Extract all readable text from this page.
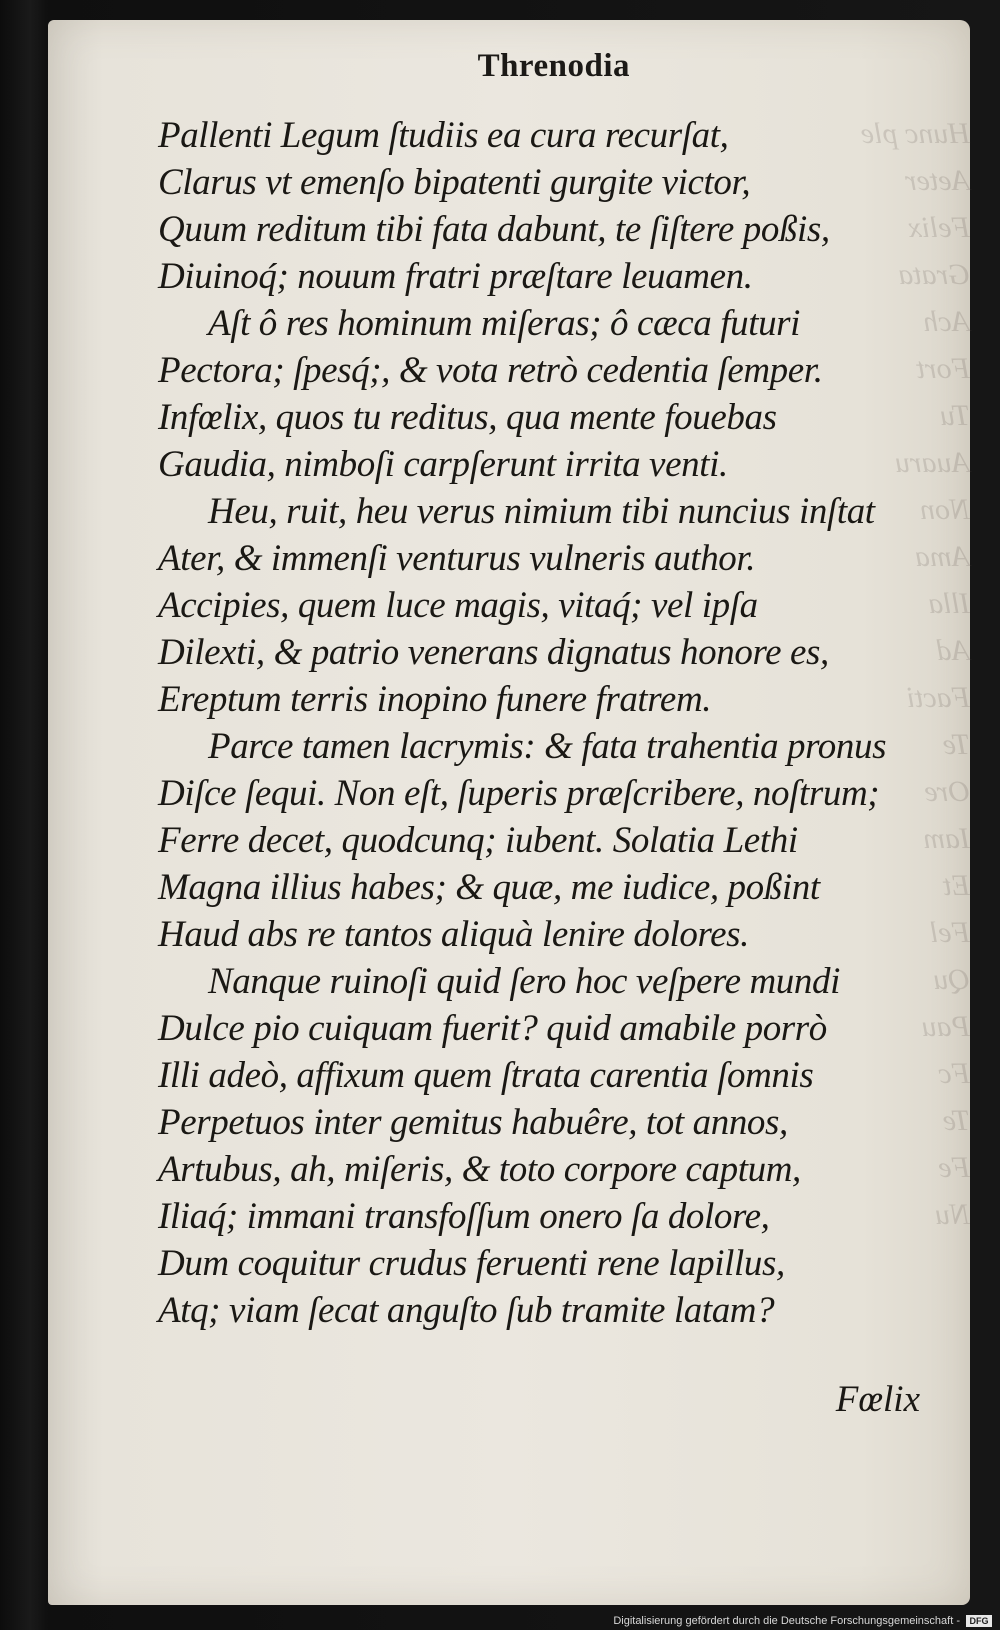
Hunc ple
Aeter
Felix
Grata
Ach
Fort
Tu
Auaru
Non
Ama
Illa
Ad
Facti
Te
Ore
Iam
Et
Fel
Qu
Pau
Fc
Te
Fe
Nu
Threnodia
Pallenti Legum ſtudiis ea cura recurſat,
Clarus vt emenſo bipatenti gurgite victor,
Quum reditum tibi fata dabunt, te ſiſtere poßis,
Diuinoq́; nouum fratri præſtare leuamen.
Aſt ô res hominum miſeras; ô cæca futuri
Pectora; ſpesq́;, & vota retrò cedentia ſemper.
Infœlix, quos tu reditus, qua mente fouebas
Gaudia, nimboſi carpſerunt irrita venti.
Heu, ruit, heu verus nimium tibi nuncius inſtat
Ater, & immenſi venturus vulneris author.
Accipies, quem luce magis, vitaq́; vel ipſa
Dilexti, & patrio venerans dignatus honore es,
Ereptum terris inopino funere fratrem.
Parce tamen lacrymis: & fata trahentia pronus
Diſce ſequi. Non eſt, ſuperis præſcribere, noſtrum;
Ferre decet, quodcunq; iubent. Solatia Lethi
Magna illius habes; & quæ, me iudice, poßint
Haud abs re tantos aliquà lenire dolores.
Nanque ruinoſi quid ſero hoc veſpere mundi
Dulce pio cuiquam fuerit? quid amabile porrò
Illi adeò, affixum quem ſtrata carentia ſomnis
Perpetuos inter gemitus habuêre, tot annos,
Artubus, ah, miſeris, & toto corpore captum,
Iliaq́; immani transfoſſum onero ſa dolore,
Dum coquitur crudus feruenti rene lapillus,
Atq; viam ſecat anguſto ſub tramite latam?
Fœlix
Digitalisierung gefördert durch die Deutsche Forschungsgemeinschaft -	DFG
